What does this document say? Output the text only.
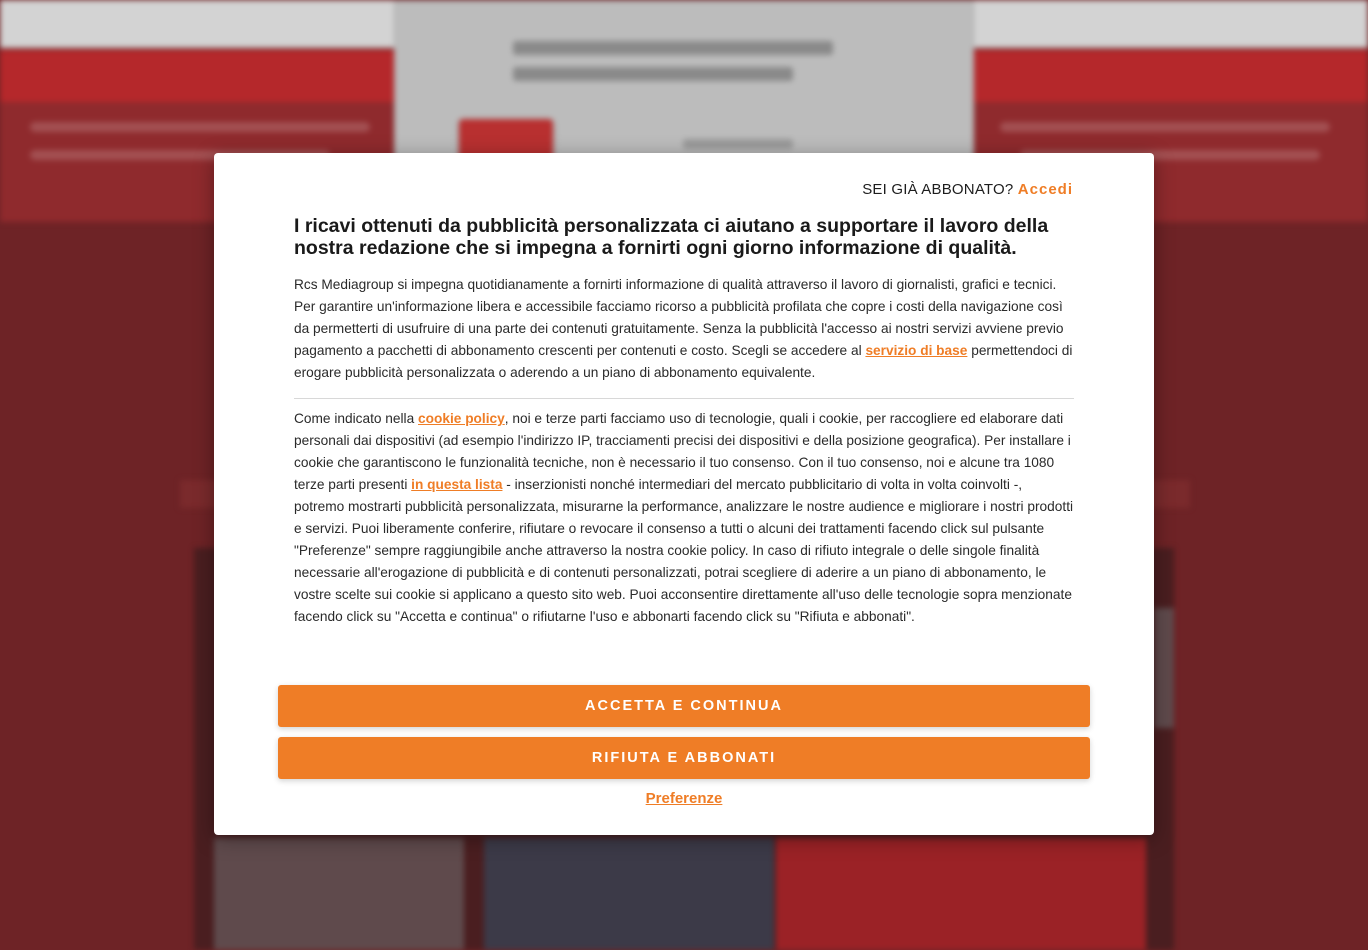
SEI GIÀ ABBONATO? Accedi
I ricavi ottenuti da pubblicità personalizzata ci aiutano a supportare il lavoro della nostra redazione che si impegna a fornirti ogni giorno informazione di qualità.

Rcs Mediagroup si impegna quotidianamente a fornirti informazione di qualità attraverso il lavoro di giornalisti, grafici e tecnici. Per garantire un'informazione libera e accessibile facciamo ricorso a pubblicità profilata che copre i costi della navigazione così da permetterti di usufruire di una parte dei contenuti gratuitamente. Senza la pubblicità l'accesso ai nostri servizi avviene previo pagamento a pacchetti di abbonamento crescenti per contenuti e costo. Scegli se accedere al servizio di base permettendoci di erogare pubblicità personalizzata o aderendo a un piano di abbonamento equivalente.

Come indicato nella cookie policy, noi e terze parti facciamo uso di tecnologie, quali i cookie, per raccogliere ed elaborare dati personali dai dispositivi (ad esempio l'indirizzo IP, tracciamenti precisi dei dispositivi e della posizione geografica). Per installare i cookie che garantiscono le funzionalità tecniche, non è necessario il tuo consenso. Con il tuo consenso, noi e alcune tra 1080 terze parti presenti in questa lista - inserzionisti nonché intermediari del mercato pubblicitario di volta in volta coinvolti -, potremo mostrarti pubblicità personalizzata, misurarne la performance, analizzare le nostre audience e migliorare i nostri prodotti e servizi. Puoi liberamente conferire, rifiutare o revocare il consenso a tutti o alcuni dei trattamenti facendo click sul pulsante "Preferenze" sempre raggiungibile anche attraverso la nostra cookie policy. In caso di rifiuto integrale o delle singole finalità necessarie all'erogazione di pubblicità e di contenuti personalizzati, potrai scegliere di aderire a un piano di abbonamento, le vostre scelte sui cookie si applicano a questo sito web. Puoi acconsentire direttamente all'uso delle tecnologie sopra menzionate facendo click su "Accetta e continua" o rifiutarne l'uso e abbonarti facendo click su "Rifiuta e abbonati".

ACCETTA E CONTINUA
RIFIUTA E ABBONATI
Preferenze
